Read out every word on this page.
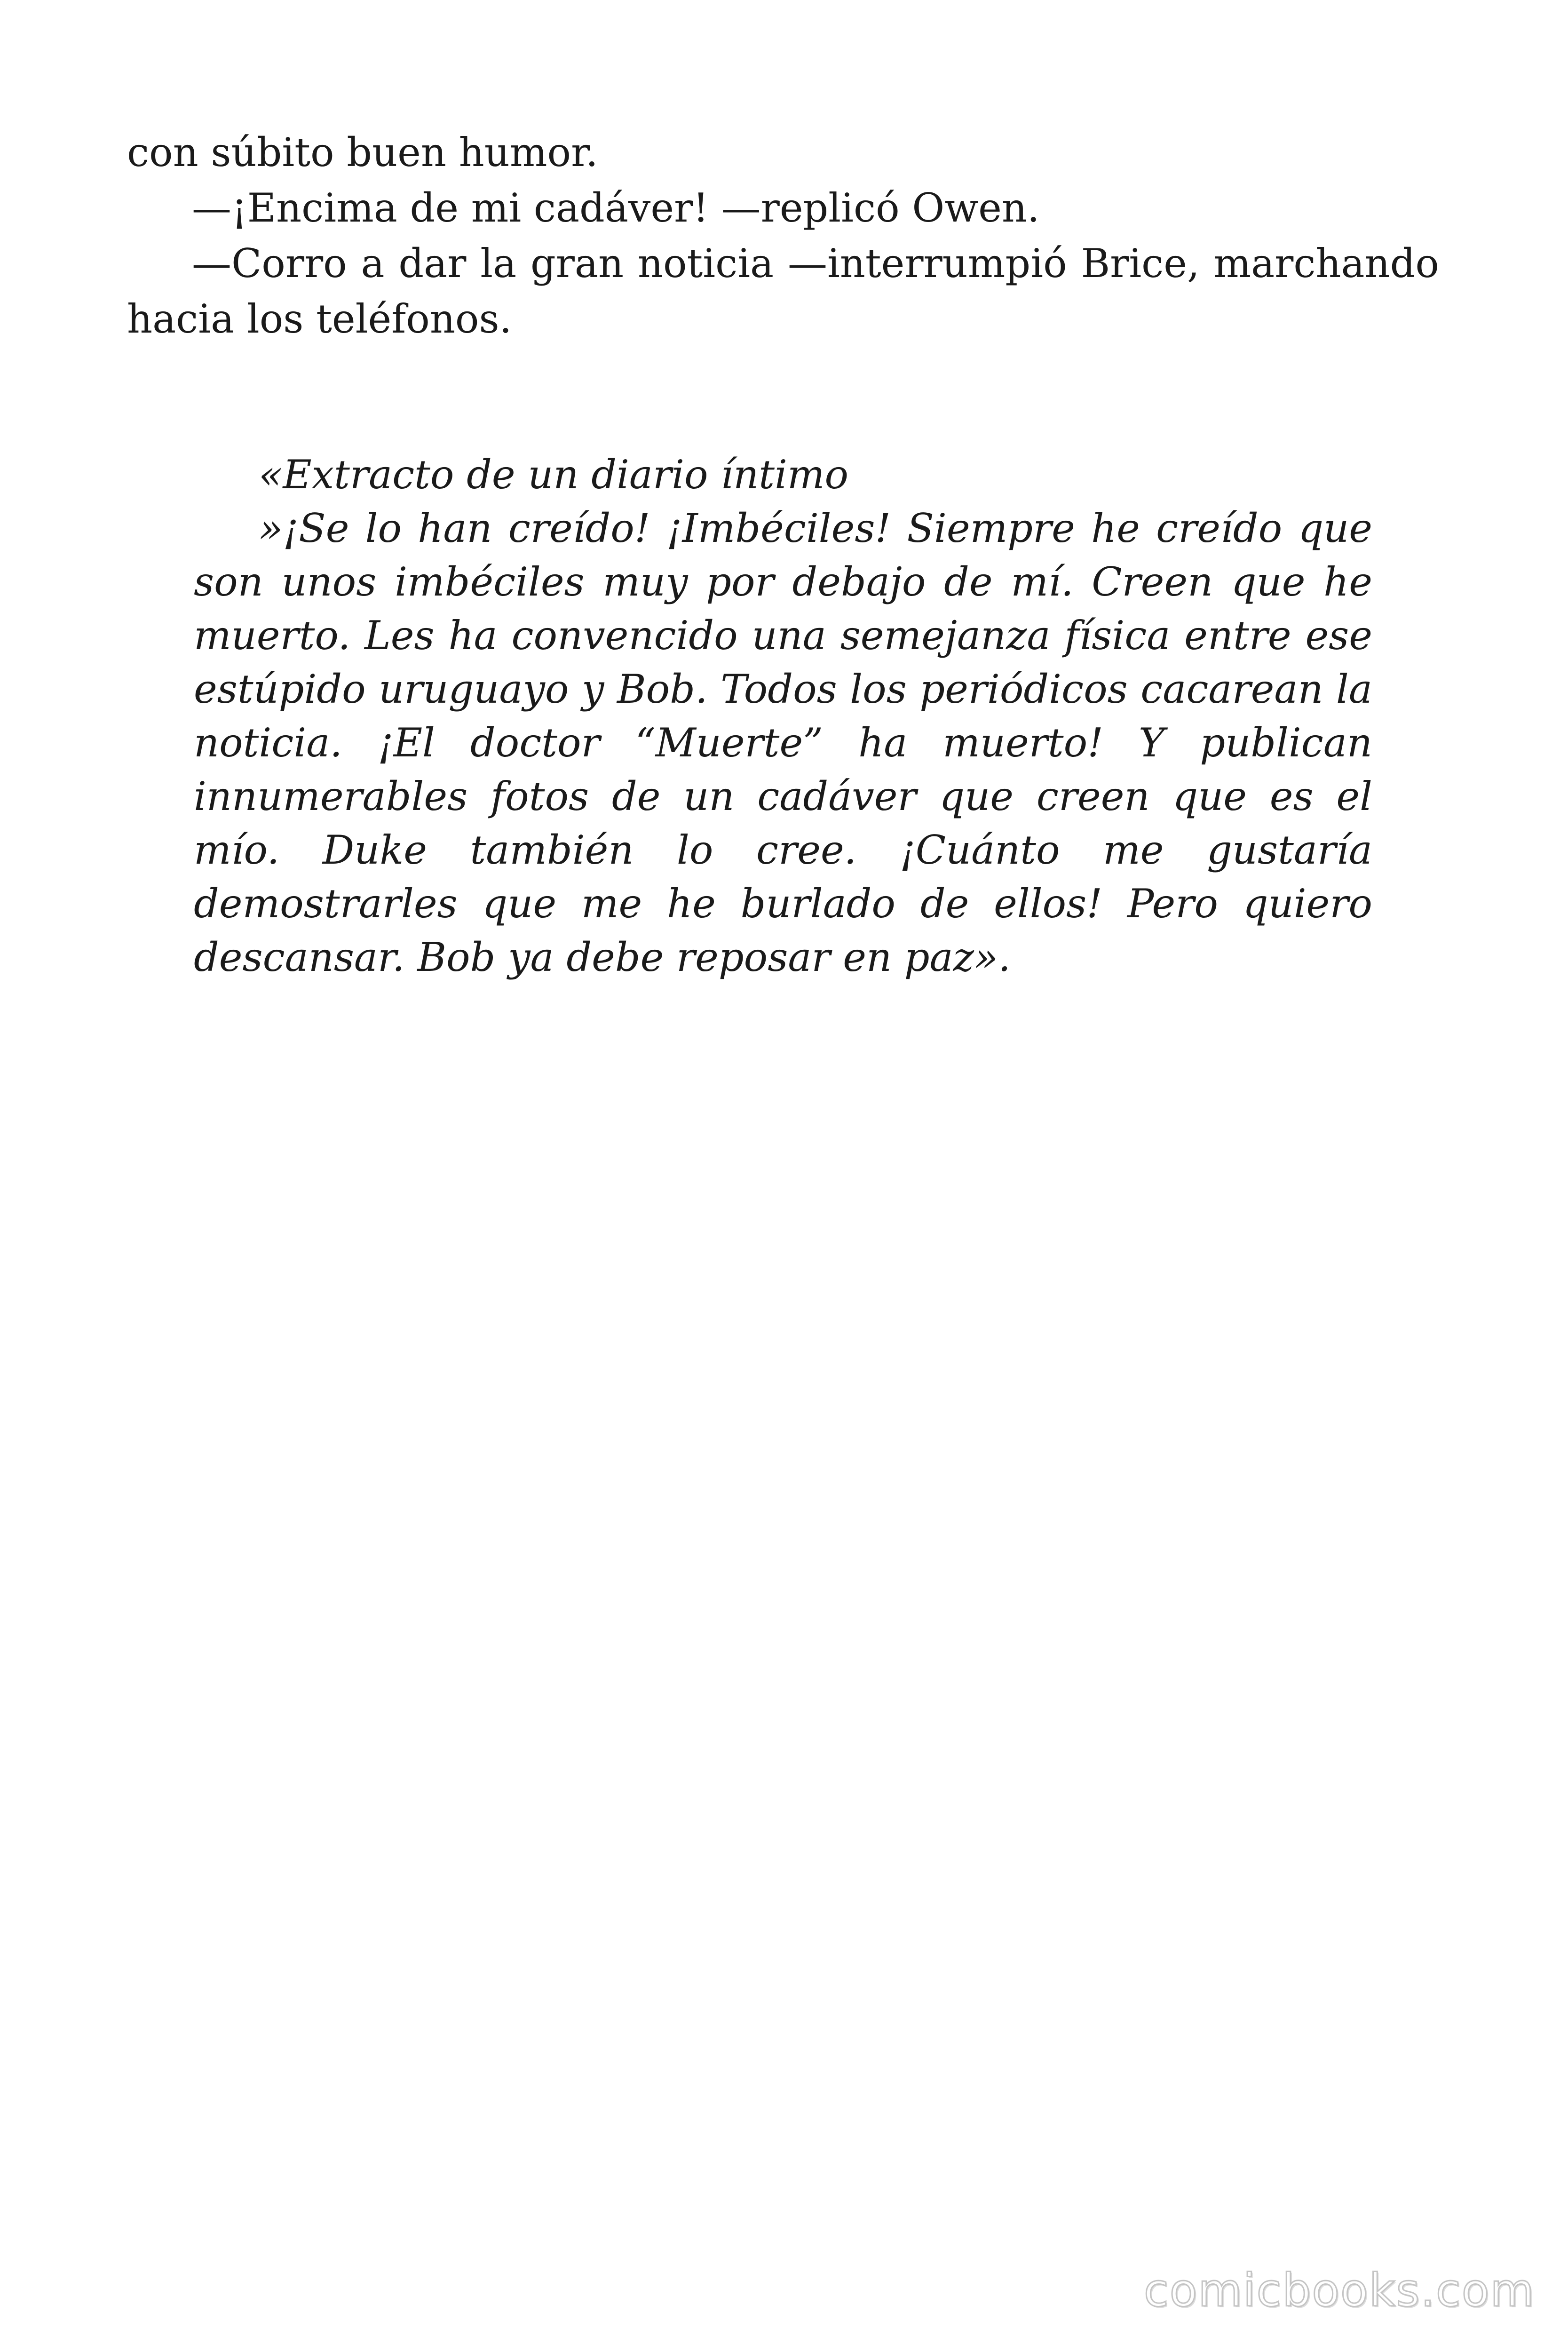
con súbito buen humor.

—¡Encima de mi cadáver! —replicó Owen.

—Corro a dar la gran noticia —interrumpió Brice, marchando hacia los teléfonos.

«Extracto de un diario íntimo

»¡Se lo han creído! ¡Imbéciles! Siempre he creído que son unos imbéciles muy por debajo de mí. Creen que he muerto. Les ha convencido una semejanza física entre ese estúpido uruguayo y Bob. Todos los periódicos cacarean la noticia. ¡El doctor “Muerte” ha muerto! Y publican innumerables fotos de un cadáver que creen que es el mío. Duke también lo cree. ¡Cuánto me gustaría demostrarles que me he burlado de ellos! Pero quiero descansar. Bob ya debe reposar en paz».

comicbooks.com
